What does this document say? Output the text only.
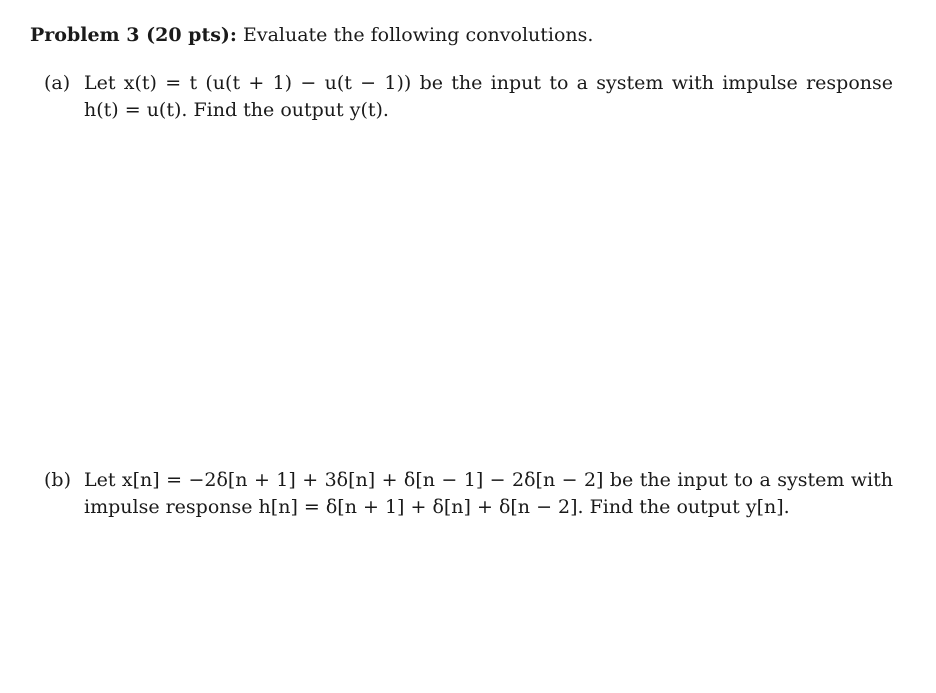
Problem 3 (20 pts): Evaluate the following convolutions.
(a) Let x(t) = t (u(t + 1) − u(t − 1)) be the input to a system with impulse response
h(t) = u(t). Find the output y(t).
(b) Let x[n] = −2δ[n + 1] + 3δ[n] + δ[n − 1] − 2δ[n − 2] be the input to a system with
impulse response h[n] = δ[n + 1] + δ[n] + δ[n − 2]. Find the output y[n].
